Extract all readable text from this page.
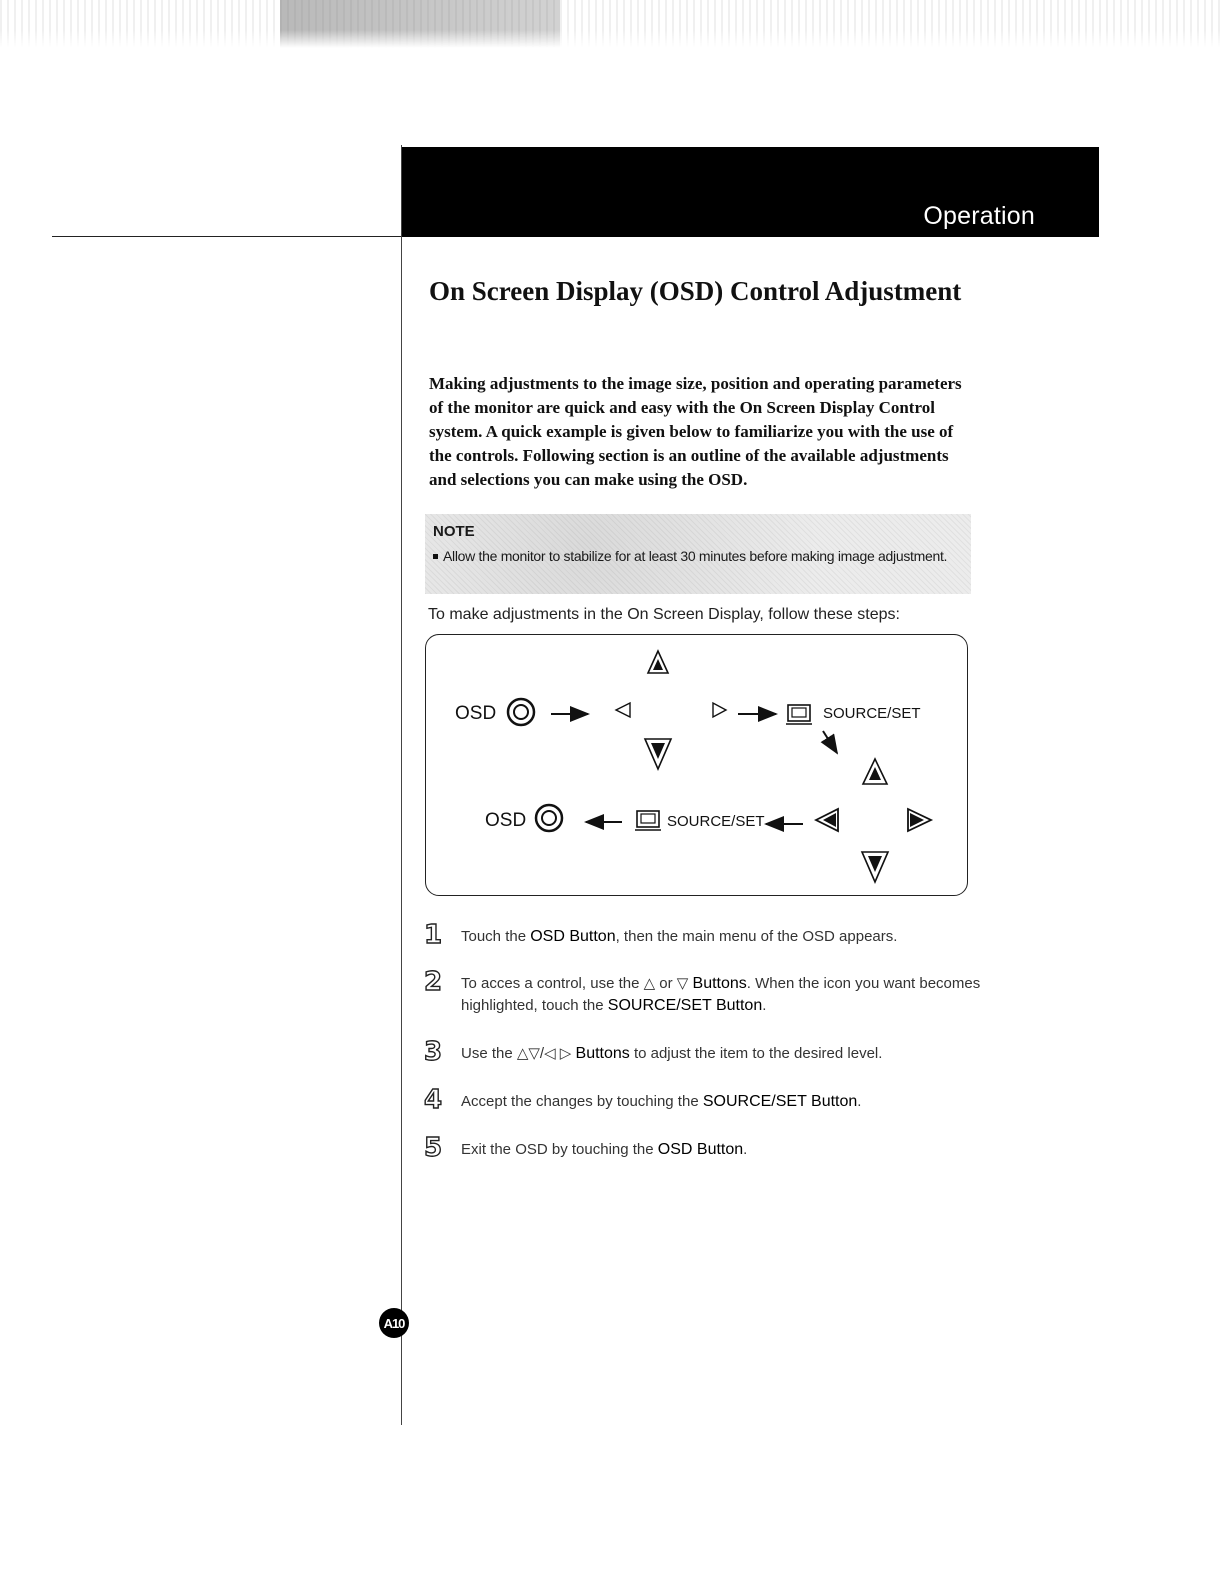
Operation
On Screen Display (OSD) Control Adjustment

Making adjustments to the image size, position and operating parameters of the monitor are quick and easy with the On Screen Display Control system. A quick example is given below to familiarize you with the use of the controls. Following section is an outline of the available adjustments and selections you can make using the OSD.

NOTE

Allow the monitor to stabilize for at least 30 minutes before making image adjustment.

To make adjustments in the On Screen Display, follow these steps:

OSD	SOURCE/SET
OSD	SOURCE/SET
1 Touch the OSD Button, then the main menu of the OSD appears.

2 To acces a control, use the △ or ▽ Buttons. When the icon you want becomes highlighted, touch the SOURCE/SET Button.

3 Use the △▽/◁ ▷ Buttons to adjust the item to the desired level.

4 Accept the changes by touching the SOURCE/SET Button.

5 Exit the OSD by touching the OSD Button.

A10
